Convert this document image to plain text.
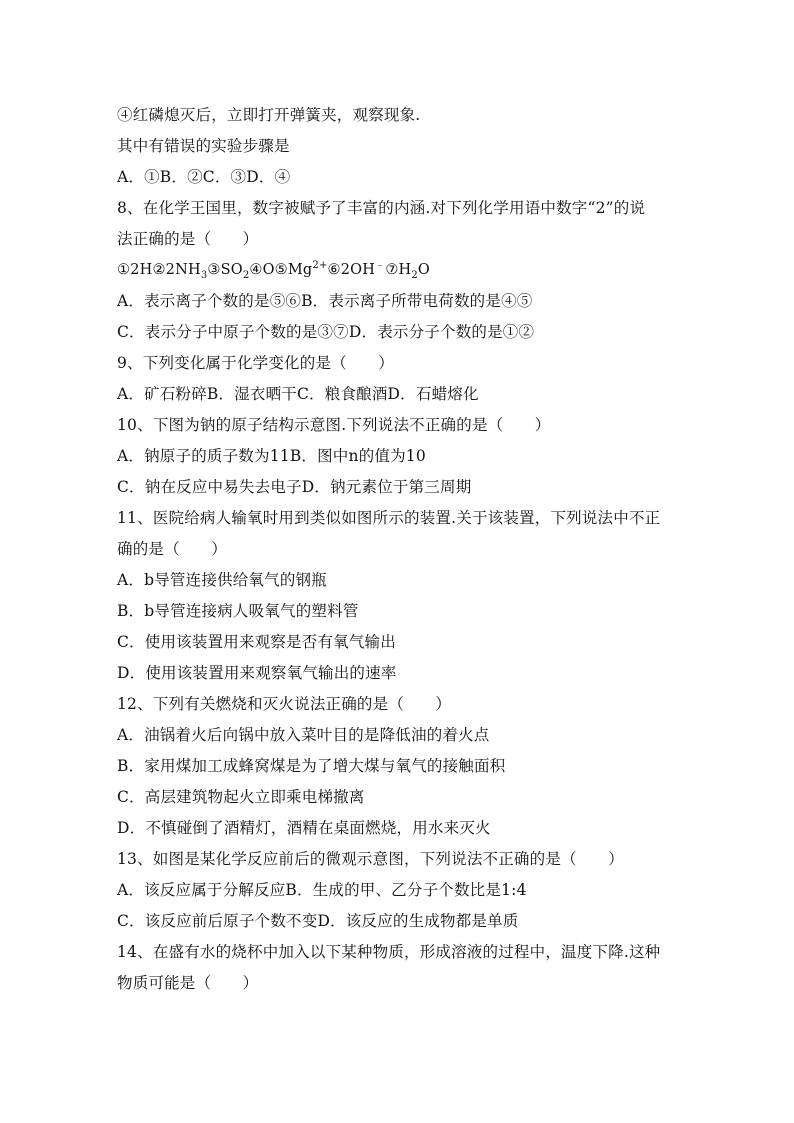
④红磷熄灭后，立即打开弹簧夹，观察现象.
其中有错误的实验步骤是
A．①B．②C．③D．④
8、在化学王国里，数字被赋予了丰富的内涵.对下列化学用语中数字“2”的说
法正确的是（　　）
$①2H②2NH_3③SO_2④O⑤Mg^{2+}⑥2OH^﹣⑦H_2O$
A．表示离子个数的是⑤⑥B．表示离子所带电荷数的是④⑤
C．表示分子中原子个数的是③⑦D．表示分子个数的是①②
9、下列变化属于化学变化的是（　　）
A．矿石粉碎B．湿衣晒干C．粮食酿酒D．石蜡熔化
10、下图为钠的原子结构示意图.下列说法不正确的是（　　）
A．钠原子的质子数为11B．图中n的值为10
C．钠在反应中易失去电子D．钠元素位于第三周期
11、医院给病人输氧时用到类似如图所示的装置.关于该装置，下列说法中不正
确的是（　　）
A．b导管连接供给氧气的钢瓶
B．b导管连接病人吸氧气的塑料管
C．使用该装置用来观察是否有氧气输出
D．使用该装置用来观察氧气输出的速率
12、下列有关燃烧和灭火说法正确的是（　　）
A．油锅着火后向锅中放入菜叶目的是降低油的着火点
B．家用煤加工成蜂窝煤是为了增大煤与氧气的接触面积
C．高层建筑物起火立即乘电梯撤离
D．不慎碰倒了酒精灯，酒精在桌面燃烧，用水来灭火
13、如图是某化学反应前后的微观示意图，下列说法不正确的是（　　）
A．该反应属于分解反应B．生成的甲、乙分子个数比是1:4
C．该反应前后原子个数不变D．该反应的生成物都是单质
14、在盛有水的烧杯中加入以下某种物质，形成溶液的过程中，温度下降.这种
物质可能是（　　）
